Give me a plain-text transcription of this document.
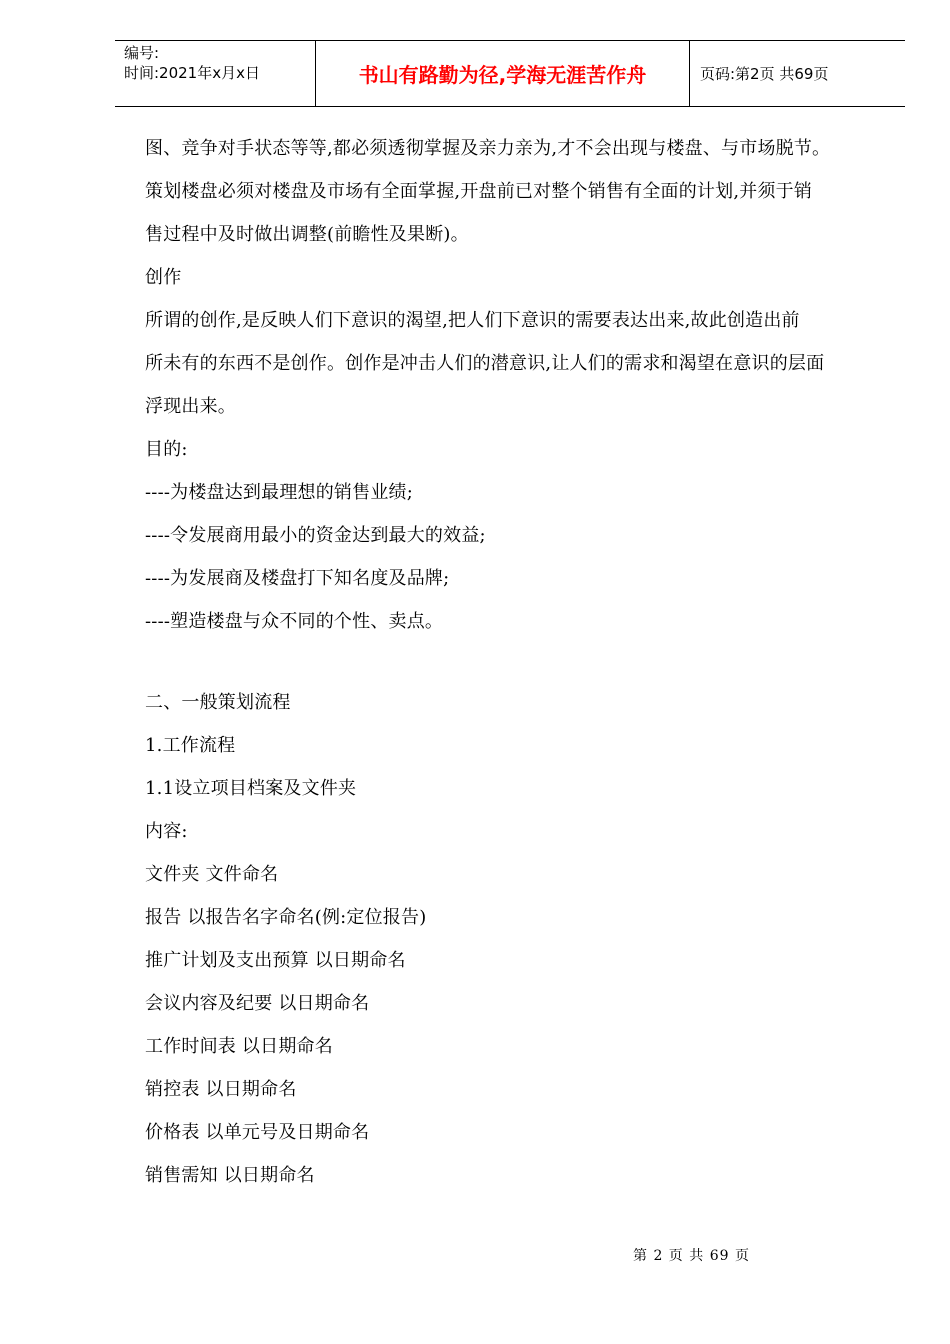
编号:
时间:2021年x月x日	书山有路勤为径,学海无涯苦作舟	页码:第2页 共69页
图、竞争对手状态等等,都必须透彻掌握及亲力亲为,才不会出现与楼盘、与市场脱节。
策划楼盘必须对楼盘及市场有全面掌握,开盘前已对整个销售有全面的计划,并须于销
售过程中及时做出调整(前瞻性及果断)。
创作
所谓的创作,是反映人们下意识的渴望,把人们下意识的需要表达出来,故此创造出前
所未有的东西不是创作。创作是冲击人们的潜意识,让人们的需求和渴望在意识的层面
浮现出来。
目的:
----为楼盘达到最理想的销售业绩;
----令发展商用最小的资金达到最大的效益;
----为发展商及楼盘打下知名度及品牌;
----塑造楼盘与众不同的个性、卖点。
二、一般策划流程
1.工作流程
1.1设立项目档案及文件夹
内容:
文件夹 文件命名
报告 以报告名字命名(例:定位报告)
推广计划及支出预算 以日期命名
会议内容及纪要 以日期命名
工作时间表 以日期命名
销控表 以日期命名
价格表 以单元号及日期命名
销售需知 以日期命名
第 2 页 共 69 页
